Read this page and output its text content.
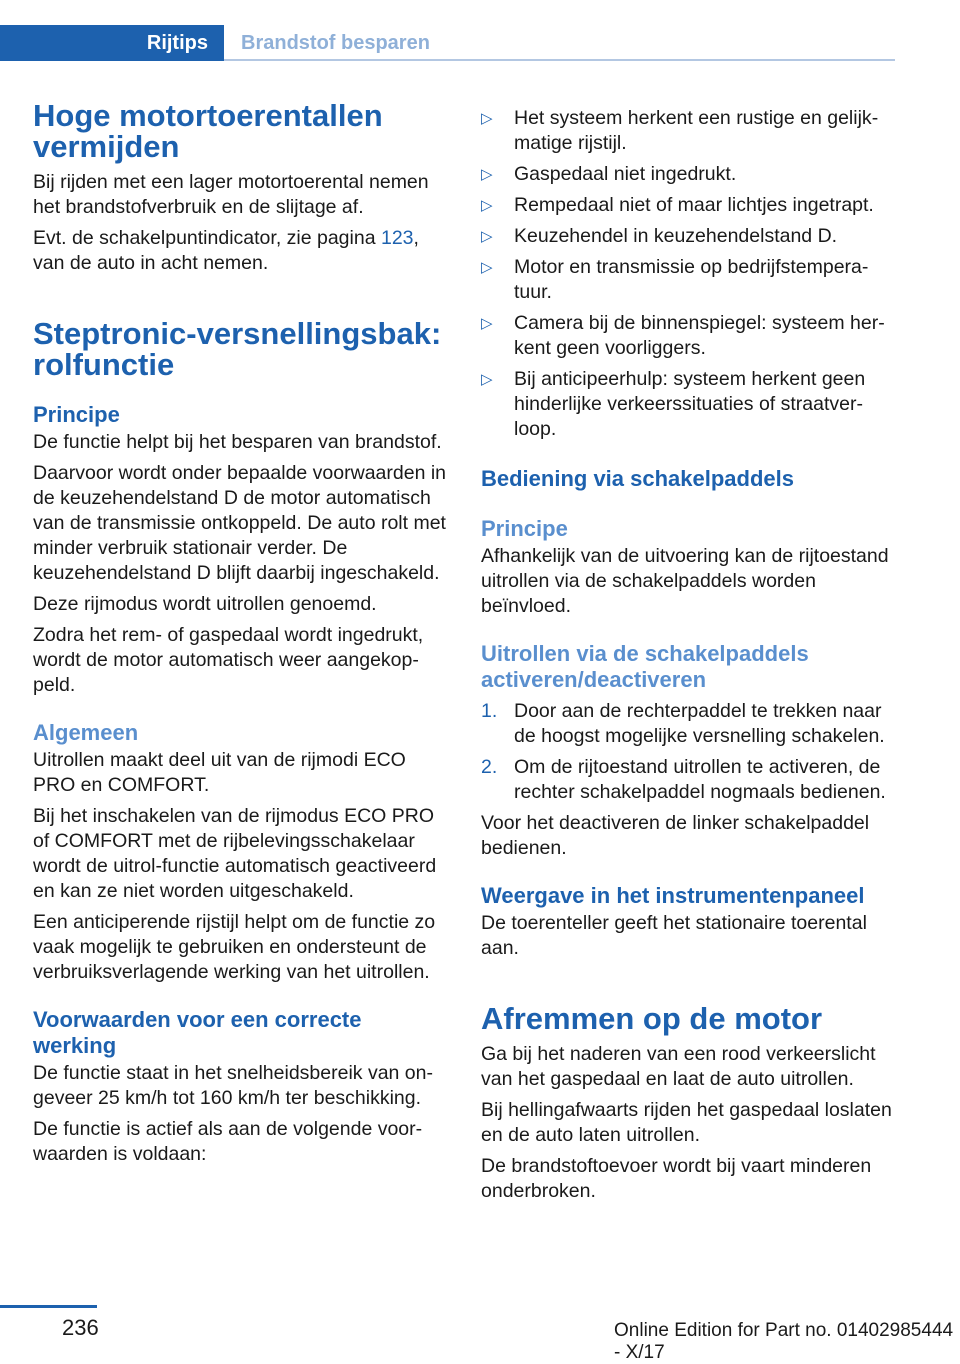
Rijtips	Brandstof besparen
Hoge motortoerentallen vermijden

Bij rijden met een lager motortoerental nemen het brandstofverbruik en de slijtage af.

Evt. de schakelpuntindicator, zie pagina 123, van de auto in acht nemen.

Steptronic-versnellingsbak: rolfunctie
Principe

De functie helpt bij het besparen van brandstof.

Daarvoor wordt onder bepaalde voorwaarden in de keuzehendelstand D de motor automatisch van de transmissie ontkoppeld. De auto rolt met minder verbruik stationair verder. De keuzehendelstand D blijft daarbij ingeschakeld.

Deze rijmodus wordt uitrollen genoemd.

Zodra het rem- of gaspedaal wordt ingedrukt, wordt de motor automatisch weer aangekoppeld.

Algemeen

Uitrollen maakt deel uit van de rijmodi ECO PRO en COMFORT.

Bij het inschakelen van de rijmodus ECO PRO of COMFORT met de rijbelevingsschakelaar wordt de uitrol-functie automatisch geactiveerd en kan ze niet worden uitgeschakeld.

Een anticiperende rijstijl helpt om de functie zo vaak mogelijk te gebruiken en ondersteunt de verbruiksverlagende werking van het uitrollen.

Voorwaarden voor een correcte werking

De functie staat in het snelheidsbereik van ongeveer 25 km/h tot 160 km/h ter beschikking.

De functie is actief als aan de volgende voorwaarden is voldaan:

▷ Het systeem herkent een rustige en gelijkmatige rijstijl.
▷ Gaspedaal niet ingedrukt.
▷ Rempedaal niet of maar lichtjes ingetrapt.
▷ Keuzehendel in keuzehendelstand D.
▷ Motor en transmissie op bedrijfstemperatuur.
▷ Camera bij de binnenspiegel: systeem herkent geen voorliggers.
▷ Bij anticipeerhulp: systeem herkent geen hinderlijke verkeerssituaties of straatverloop.
Bediening via schakelpaddels
Principe

Afhankelijk van de uitvoering kan de rijtoestand uitrollen via de schakelpaddels worden beïnvloed.

Uitrollen via de schakelpaddels activeren/deactiveren
1. Door aan de rechterpaddel te trekken naar de hoogst mogelijke versnelling schakelen.
2. Om de rijtoestand uitrollen te activeren, de rechter schakelpaddel nogmaals bedienen.

Voor het deactiveren de linker schakelpaddel bedienen.

Weergave in het instrumentenpaneel

De toerenteller geeft het stationaire toerental aan.

Afremmen op de motor

Ga bij het naderen van een rood verkeerslicht van het gaspedaal en laat de auto uitrollen.

Bij hellingafwaarts rijden het gaspedaal loslaten en de auto laten uitrollen.

De brandstoftoevoer wordt bij vaart minderen onderbroken.

236	Online Edition for Part no. 01402985444 - X/17
